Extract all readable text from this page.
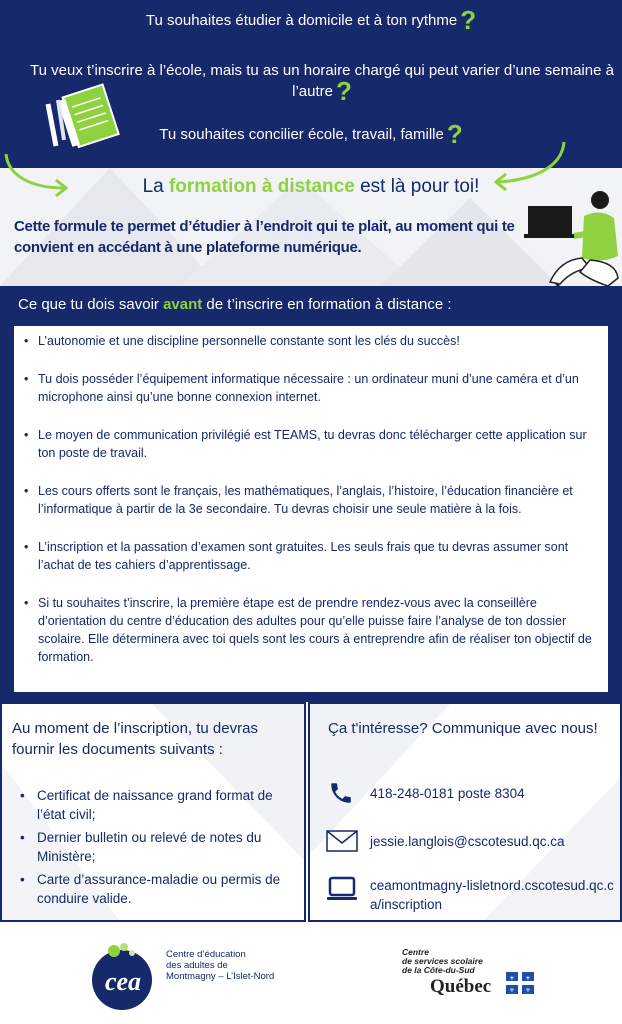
Tu souhaites étudier à domicile et à ton rythme ?
Tu veux t’inscrire à l’école, mais tu as un horaire chargé qui peut varier d’une semaine à l’autre ?
Tu souhaites concilier école, travail, famille ?
La formation à distance est là pour toi!
Cette formule te permet d’étudier à l’endroit qui te plait, au moment qui te convient en accédant à une plateforme numérique.
Ce que tu dois savoir avant de t’inscrire en formation à distance :
• L’autonomie et une discipline personnelle constante sont les clés du succès!
• Tu dois posséder l’équipement informatique nécessaire : un ordinateur muni d’une caméra et d’un microphone ainsi qu’une bonne connexion internet.
• Le moyen de communication privilégié est TEAMS, tu devras donc télécharger cette application sur ton poste de travail.
• Les cours offerts sont le français, les mathématiques, l’anglais, l’histoire, l’éducation financière et l’informatique à partir de la 3e secondaire. Tu devras choisir une seule matière à la fois.
• L’inscription et la passation d’examen sont gratuites. Les seuls frais que tu devras assumer sont l’achat de tes cahiers d’apprentissage.
• Si tu souhaites t’inscrire, la première étape est de prendre rendez-vous avec la conseillère d’orientation du centre d’éducation des adultes pour qu’elle puisse faire l’analyse de ton dossier scolaire. Elle déterminera avec toi quels sont les cours à entreprendre afin de réaliser ton objectif de formation.
Au moment de l’inscription, tu devras fournir les documents suivants :
• Certificat de naissance grand format de l’état civil;
• Dernier bulletin ou relevé de notes du Ministère;
• Carte d’assurance-maladie ou permis de conduire valide.
Ça t'intéresse? Communique avec nous!
418-248-0181 poste 8304
jessie.langlois@cscotesud.qc.ca
ceamontmagny-lisletnord.cscotesud.qc.ca/inscription
cea
Centre d’éducation
des adultes de
Montmagny – L’Islet-Nord
Centre
de services scolaire
de la Côte-du-Sud
Québec	⚜ ⚜
⚜ ⚜
